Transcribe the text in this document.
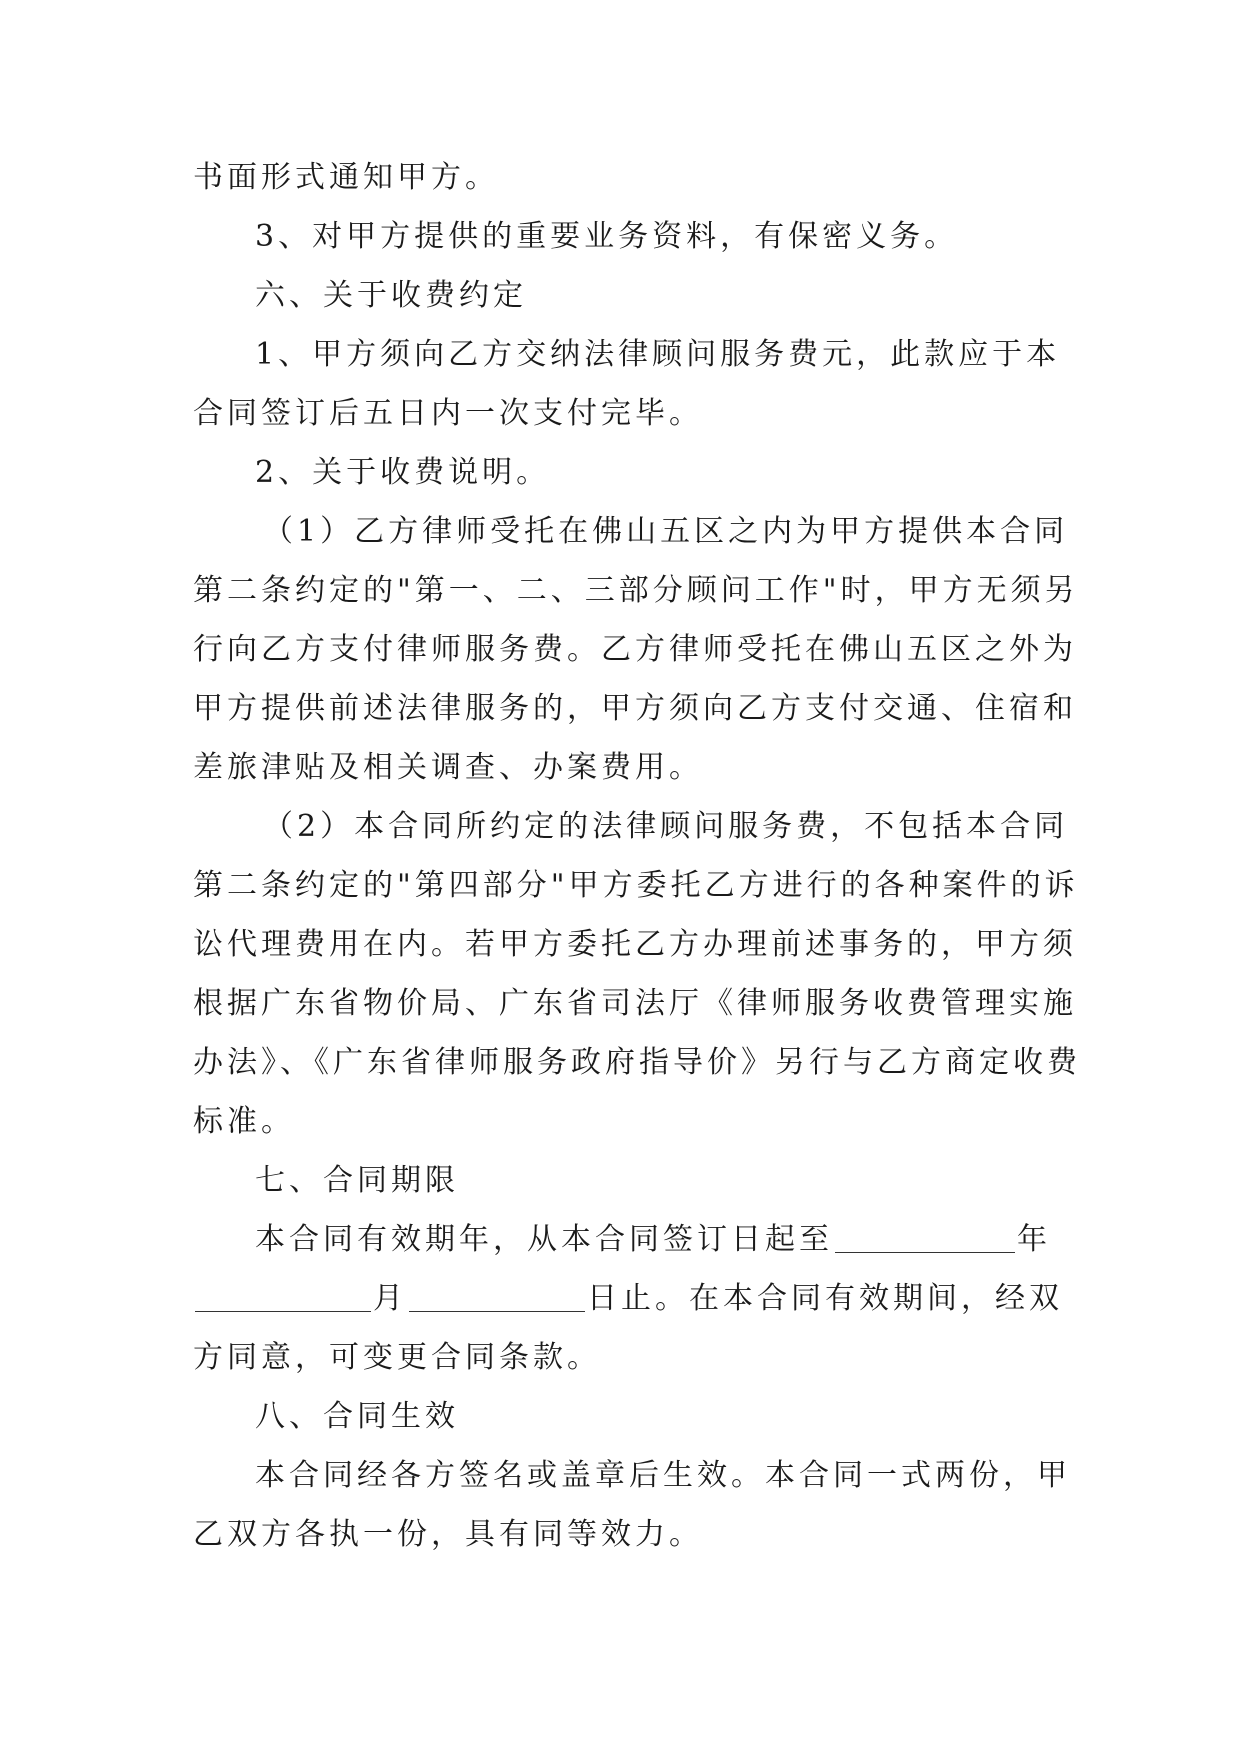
书面形式通知甲方。
3、对甲方提供的重要业务资料，有保密义务。
六、关于收费约定
1、甲方须向乙方交纳法律顾问服务费元，此款应于本
合同签订后五日内一次支付完毕。
2、关于收费说明。
（1）乙方律师受托在佛山五区之内为甲方提供本合同
第二条约定的"第一、二、三部分顾问工作"时，甲方无须另
行向乙方支付律师服务费。乙方律师受托在佛山五区之外为
甲方提供前述法律服务的，甲方须向乙方支付交通、住宿和
差旅津贴及相关调查、办案费用。
（2）本合同所约定的法律顾问服务费，不包括本合同
第二条约定的"第四部分"甲方委托乙方进行的各种案件的诉
讼代理费用在内。若甲方委托乙方办理前述事务的，甲方须
根据广东省物价局、广东省司法厅《律师服务收费管理实施
办法》、《广东省律师服务政府指导价》另行与乙方商定收费
标准。
七、合同期限
本合同有效期年，从本合同签订日起至	年
月	日止。在本合同有效期间，经双
方同意，可变更合同条款。
八、合同生效
本合同经各方签名或盖章后生效。本合同一式两份，甲
乙双方各执一份，具有同等效力。
